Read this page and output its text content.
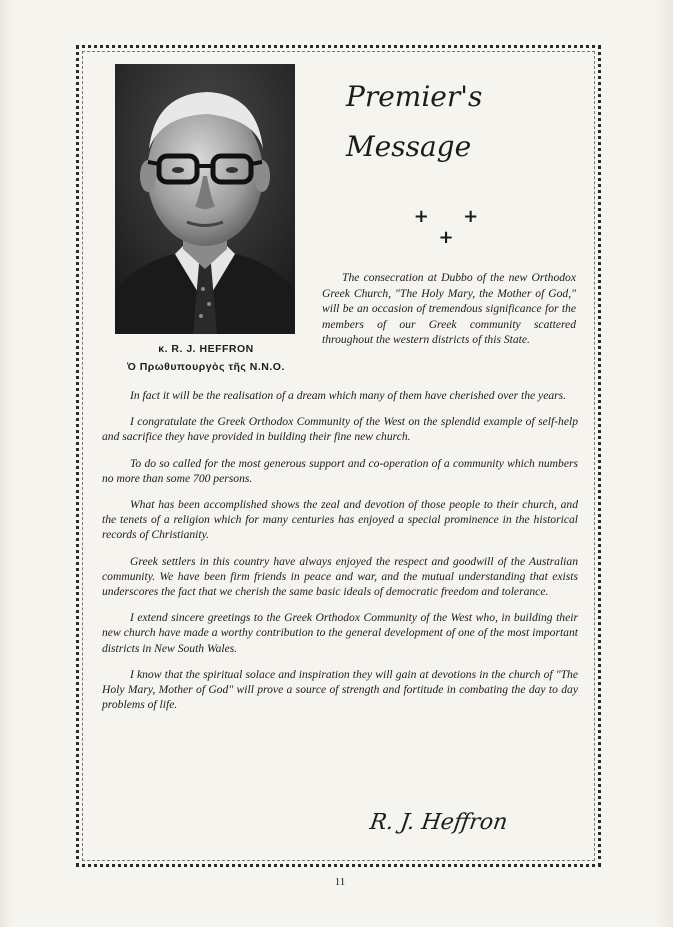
κ. R. J. HEFFRON
Ὁ Πρωθυπουργὸς τῆς N.N.O.
Premier's
Message
+ + +

The consecration at Dubbo of the new Orthodox Greek Church, "The Holy Mary, the Mother of God," will be an occasion of tremendous significance for the members of our Greek community scattered throughout the western districts of this State.

In fact it will be the realisation of a dream which many of them have cherished over the years.

I congratulate the Greek Orthodox Community of the West on the splendid example of self-help and sacrifice they have provided in building their fine new church.

To do so called for the most generous support and co-operation of a community which numbers no more than some 700 persons.

What has been accomplished shows the zeal and devotion of those people to their church, and the tenets of a religion which for many centuries has enjoyed a special prominence in the historical records of Christianity.

Greek settlers in this country have always enjoyed the respect and goodwill of the Australian community. We have been firm friends in peace and war, and the mutual understanding that exists underscores the fact that we cherish the same basic ideals of democratic freedom and tolerance.

I extend sincere greetings to the Greek Orthodox Community of the West who, in building their new church have made a worthy contribution to the general development of one of the most important districts in New South Wales.

I know that the spiritual solace and inspiration they will gain at devotions in the church of "The Holy Mary, Mother of God" will prove a source of strength and fortitude in combating the day to day problems of life.

R. J. Heffron
11
